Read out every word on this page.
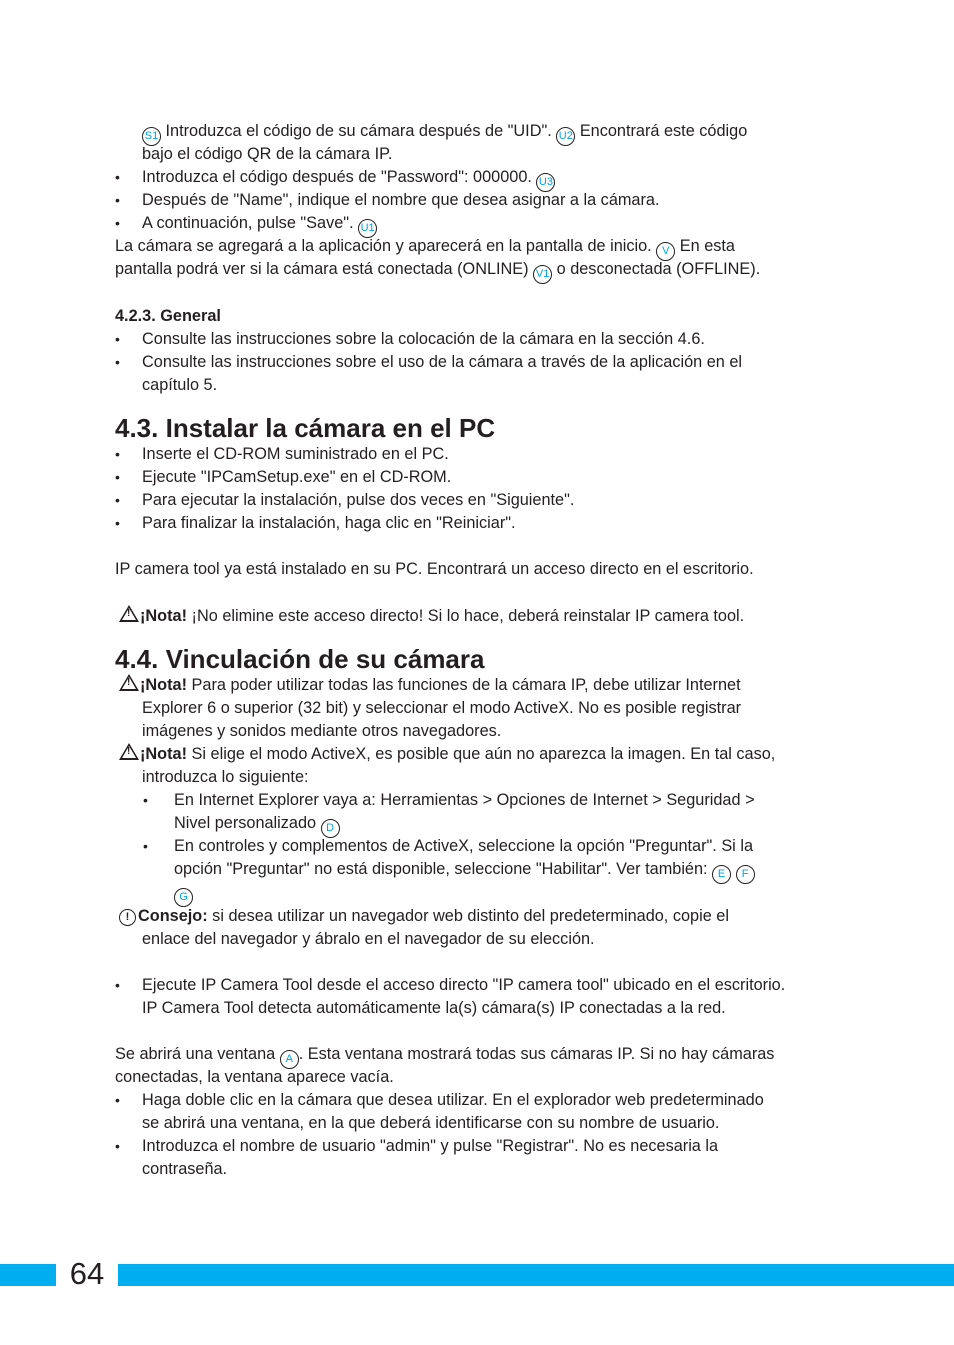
64
S1 Introduzca el código de su cámara después de "UID". U2 Encontrará este código
bajo el código QR de la cámara IP.
• Introduzca el código después de "Password": 000000. U3
• Después de "Name", indique el nombre que desea asignar a la cámara.
• A continuación, pulse "Save". U1
La cámara se agregará a la aplicación y aparecerá en la pantalla de inicio. V En esta
pantalla podrá ver si la cámara está conectada (ONLINE) V1 o desconectada (OFFLINE).
4.2.3. General
• Consulte las instrucciones sobre la colocación de la cámara en la sección 4.6.
• Consulte las instrucciones sobre el uso de la cámara a través de la aplicación en el
capítulo 5.
4.3. Instalar la cámara en el PC
• Inserte el CD-ROM suministrado en el PC.
• Ejecute "IPCamSetup.exe" en el CD-ROM.
• Para ejecutar la instalación, pulse dos veces en "Siguiente".
• Para finalizar la instalación, haga clic en "Reiniciar".
IP camera tool ya está instalado en su PC. Encontrará un acceso directo en el escritorio.
!¡Nota! ¡No elimine este acceso directo! Si lo hace, deberá reinstalar IP camera tool.
4.4. Vinculación de su cámara
!¡Nota! Para poder utilizar todas las funciones de la cámara IP, debe utilizar Internet
Explorer 6 o superior (32 bit) y seleccionar el modo ActiveX. No es posible registrar
imágenes y sonidos mediante otros navegadores.
!¡Nota! Si elige el modo ActiveX, es posible que aún no aparezca la imagen. En tal caso,
introduzca lo siguiente:
• En Internet Explorer vaya a: Herramientas > Opciones de Internet > Seguridad >
Nivel personalizado D
• En controles y complementos de ActiveX, seleccione la opción "Preguntar". Si la
opción "Preguntar" no está disponible, seleccione "Habilitar". Ver también: E F
G
! Consejo: si desea utilizar un navegador web distinto del predeterminado, copie el
enlace del navegador y ábralo en el navegador de su elección.
• Ejecute IP Camera Tool desde el acceso directo "IP camera tool" ubicado en el escritorio.
IP Camera Tool detecta automáticamente la(s) cámara(s) IP conectadas a la red.
Se abrirá una ventana A . Esta ventana mostrará todas sus cámaras IP. Si no hay cámaras
conectadas, la ventana aparece vacía.
• Haga doble clic en la cámara que desea utilizar. En el explorador web predeterminado
se abrirá una ventana, en la que deberá identificarse con su nombre de usuario.
• Introduzca el nombre de usuario "admin" y pulse "Registrar". No es necesaria la
contraseña.
